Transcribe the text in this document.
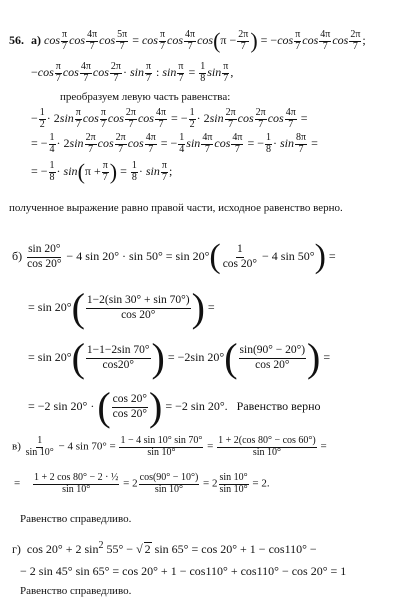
56. а) $\cos \frac{\pi}{7}$ $\cos \frac{4\pi}{7}$ $\cos \frac{5\pi}{7} = \cos \frac{\pi}{7}$ $\cos \frac{4\pi}{7} \cos(\pi - \frac{2\pi}{7}$ ) = $-\cos \frac{\pi}{7}$ $\cos \frac{4\pi}{7}$ $\cos \frac{2\pi}{7}$ ;
$-\cos \frac{\pi}{7}$ $\cos \frac{4\pi}{7}$ $\cos \frac{2\pi}{7} \cdot \sin \frac{\pi}{7}$ : $\sin \frac{\pi}{7} = \frac{1}{8}$ $\sin \frac{\pi}{7}$ ,
преобразуем левую часть равенства:
− $\frac{1}{2} \cdot 2\sin \frac{\pi}{7}$ $\cos \frac{\pi}{7}$ $\cos \frac{2\pi}{7}$ $\cos \frac{4\pi}{7}$ = − $\frac{1}{2} \cdot 2\sin \frac{2\pi}{7}$ $\cos \frac{2\pi}{7}$ $\cos \frac{4\pi}{7}$ =
= − $\frac{1}{4} \cdot 2\sin \frac{2\pi}{7}$ $\cos \frac{2\pi}{7}$ $\cos \frac{4\pi}{7}$ = − $\frac{1}{4}$ $\sin \frac{4\pi}{7}$ $\cos \frac{4\pi}{7}$ = − $\frac{1}{8} \cdot \sin \frac{8\pi}{7}$ =
= − $\frac{1}{8} \cdot \sin(\pi + \frac{\pi}{7}$ ) = $\frac{1}{8} \cdot \sin \frac{\pi}{7}$ ;
полученное выражение равно правой части, исходное равенство верно.
$б) \frac{\sin 20^\circ}{\cos 20^\circ} - 4$ $\sin 20^\circ \cdot \sin 50^\circ = \sin 20^\circ( \frac{1}{\cos 20^\circ} - 4$ sin 50°) =
= $\sin 20^\circ( \frac{1-2(\sin 30^\circ + \sin 70^\circ)}{\cos 20^\circ}$ ) =
= $\sin 20^\circ( \frac{1-1-2\sin 70^\circ}{\cos 20^\circ}$ ) = −2sin $20^\circ( \frac{\sin(90^\circ - 20^\circ)}{\cos 20^\circ}$ ) =
= −2 sin 20° · ( $\frac{\cos 20^\circ}{\cos 20^\circ}$ ) = −2 sin 20°. Равенство верно
$в) \frac{1}{\sin 10^\circ} - 4$ $\sin 70^\circ = \frac{1 - 4 \sin 10^\circ \sin 70^\circ}{\sin 10^\circ} = \frac{1 + 2(\cos 80^\circ - \cos 60^\circ)}{\sin 10^\circ}$ =
= $\frac{\text{1 + 2 cos 80° − 2 · ½}}{\sin 10^\circ} = 2 \frac{\cos(90^\circ - 10^\circ)}{\sin 10^\circ} = 2 \frac{\sin 10^\circ}{\sin 10^\circ} = 2$.
Равенство справедливо.
г)  cos 20° + 2 $\sin^2 55^\circ$ − √ 2 sin 65° = cos 20° + 1 − cos110° −
− 2 sin 45° sin 65° = cos 20° + 1 − cos110° + cos110° − cos 20° = 1
Равенство справедливо.
